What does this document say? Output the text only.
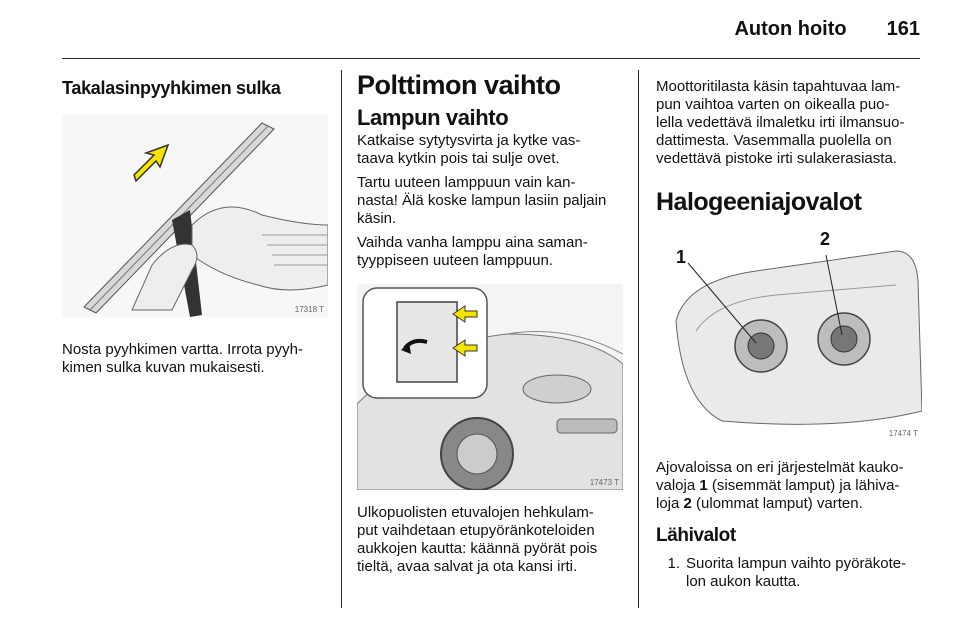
Auton hoito 161
Takalasinpyyhkimen sulka
17318 T

Nosta pyyhkimen vartta. Irrota pyyh-
kimen sulka kuvan mukaisesti.

Polttimon vaihto
Lampun vaihto

Katkaise sytytysvirta ja kytke vas-
taava kytkin pois tai sulje ovet.

Tartu uuteen lamppuun vain kan-
nasta! Älä koske lampun lasiin paljain
käsin.

Vaihda vanha lamppu aina saman-
tyyppiseen uuteen lamppuun.

17473 T

Ulkopuolisten etuvalojen hehkulam-
put vaihdetaan etupyöränkoteloiden
aukkojen kautta: käännä pyörät pois
tieltä, avaa salvat ja ota kansi irti.

Moottoritilasta käsin tapahtuvaa lam-
pun vaihtoa varten on oikealla puo-
lella vedettävä ilmaletku irti ilmansuo-
dattimesta. Vasemmalla puolella on
vedettävä pistoke irti sulakerasiasta.

Halogeeniajovalot
1
2
17474 T

Ajovaloissa on eri järjestelmät kauko-
valoja 1 (sisemmät lamput) ja lähiva-
loja 2 (ulommat lamput) varten.

Lähivalot
1. Suorita lampun vaihto pyöräkote-
lon aukon kautta.
